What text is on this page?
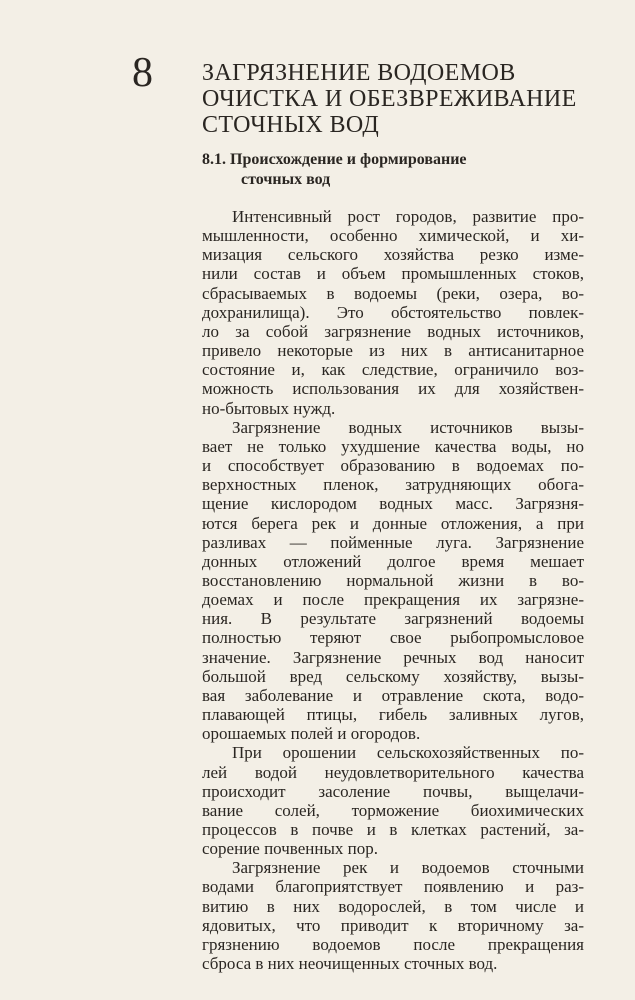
8 ЗАГРЯЗНЕНИЕ ВОДОЕМОВ
ОЧИСТКА И ОБЕЗВРЕЖИВАНИЕ
СТОЧНЫХ ВОД
8.1. Происхождение и формирование
сточных вод
Интенсивный рост городов, развитие про-
мышленности, особенно химической, и хи-
мизация сельского хозяйства резко изме-
нили состав и объем промышленных стоков,
сбрасываемых в водоемы (реки, озера, во-
дохранилища). Это обстоятельство повлек-
ло за собой загрязнение водных источников,
привело некоторые из них в антисанитарное
состояние и, как следствие, ограничило воз-
можность использования их для хозяйствен-
но-бытовых нужд.
Загрязнение водных источников вызы-
вает не только ухудшение качества воды, но
и способствует образованию в водоемах по-
верхностных пленок, затрудняющих обога-
щение кислородом водных масс. Загрязня-
ются берега рек и донные отложения, а при
разливах — пойменные луга. Загрязнение
донных отложений долгое время мешает
восстановлению нормальной жизни в во-
доемах и после прекращения их загрязне-
ния. В результате загрязнений водоемы
полностью теряют свое рыбопромысловое
значение. Загрязнение речных вод наносит
большой вред сельскому хозяйству, вызы-
вая заболевание и отравление скота, водо-
плавающей птицы, гибель заливных лугов,
орошаемых полей и огородов.
При орошении сельскохозяйственных по-
лей водой неудовлетворительного качества
происходит засоление почвы, выщелачи-
вание солей, торможение биохимических
процессов в почве и в клетках растений, за-
сорение почвенных пор.
Загрязнение рек и водоемов сточными
водами благоприятствует появлению и раз-
витию в них водорослей, в том числе и
ядовитых, что приводит к вторичному за-
грязнению водоемов после прекращения
сброса в них неочищенных сточных вод.
